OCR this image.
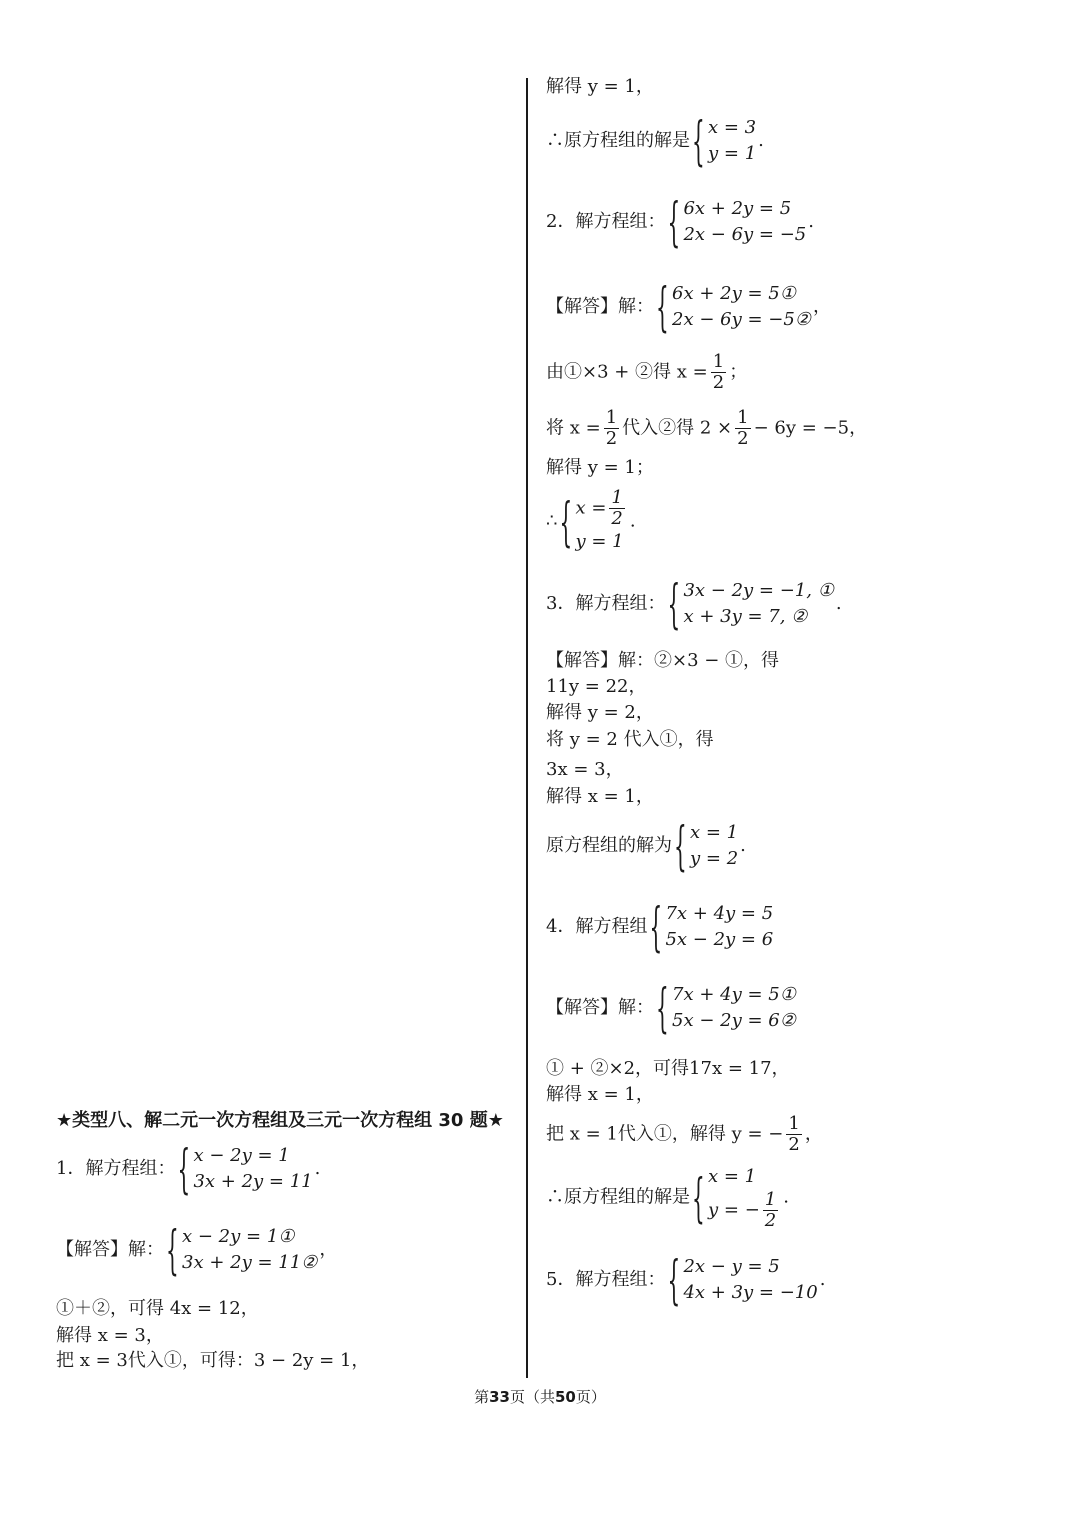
★类型八、解二元一次方程组及三元一次方程组 30 题★
1．解方程组：
{ x − 2y = 1
3x + 2y = 11
.
【解答】解：
{ x − 2y = 1①
3x + 2y = 11②
，
①＋②，可得 4x = 12，
解得 x = 3，
把 x = 3代入①，可得：3 − 2y = 1，
解得 y = 1，
∴原方程组的解是
{ x = 3
y = 1
.
2．解方程组：
{ 6x + 2y = 5
2x − 6y = −5
.
【解答】解：
{ 6x + 2y = 5①
2x − 6y = −5②
，
由①×3 + ②得 $x = \frac{1}{2}$ ；
将 $x = \frac{1}{2}$ 代入②得 $2 \times \frac{1}{2} - 6y = -5$，
解得 y = 1；
∴
{ $x = \frac{1}{2}$
y = 1
.
3．解方程组：
{ 3x − 2y = −1, ①
x + 3y = 7, ②
.
【解答】解：②×3 − ①，得
11y = 22，
解得 y = 2，
将 y = 2 代入①，得
3x = 3，
解得 x = 1，
原方程组的解为
{ x = 1
y = 2
.
4．解方程组
{ 7x + 4y = 5
5x − 2y = 6
【解答】解：
{ 7x + 4y = 5①
5x − 2y = 6②
① + ②×2，可得17x = 17，
解得 x = 1，
把 x = 1代入①，解得 y = − $\frac{1}{2}$ ，
∴原方程组的解是
{ x = 1
y = − $\frac{1}{2}$ .
5．解方程组：
{ 2x − y = 5
4x + 3y = −10
.
第33页（共50页）
